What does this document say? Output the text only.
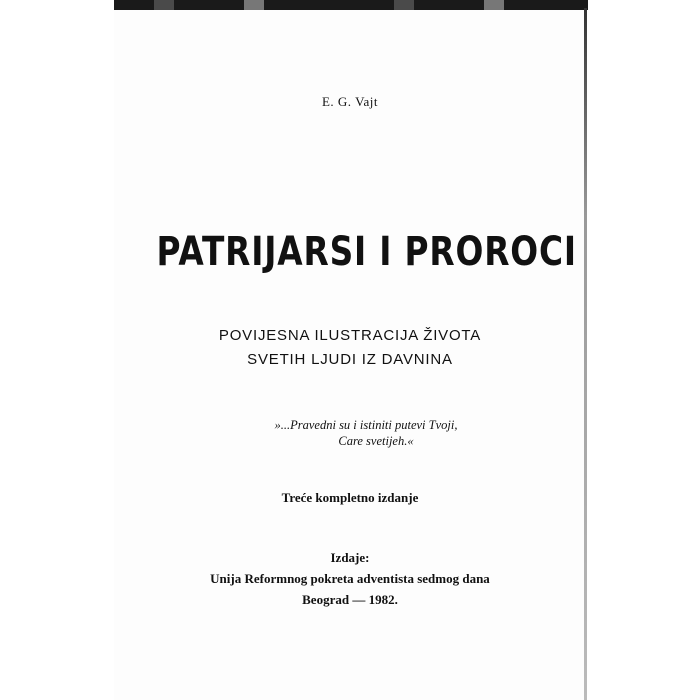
E. G. Vajt
PATRIJARSI I PROROCI
POVIJESNA ILUSTRACIJA ŽIVOTA
SVETIH LJUDI IZ DAVNINA
»...Pravedni su i istiniti putevi Tvoji,
Care svetijeh.«
Treće kompletno izdanje
Izdaje:
Unija Reformnog pokreta adventista sedmog dana
Beograd — 1982.
